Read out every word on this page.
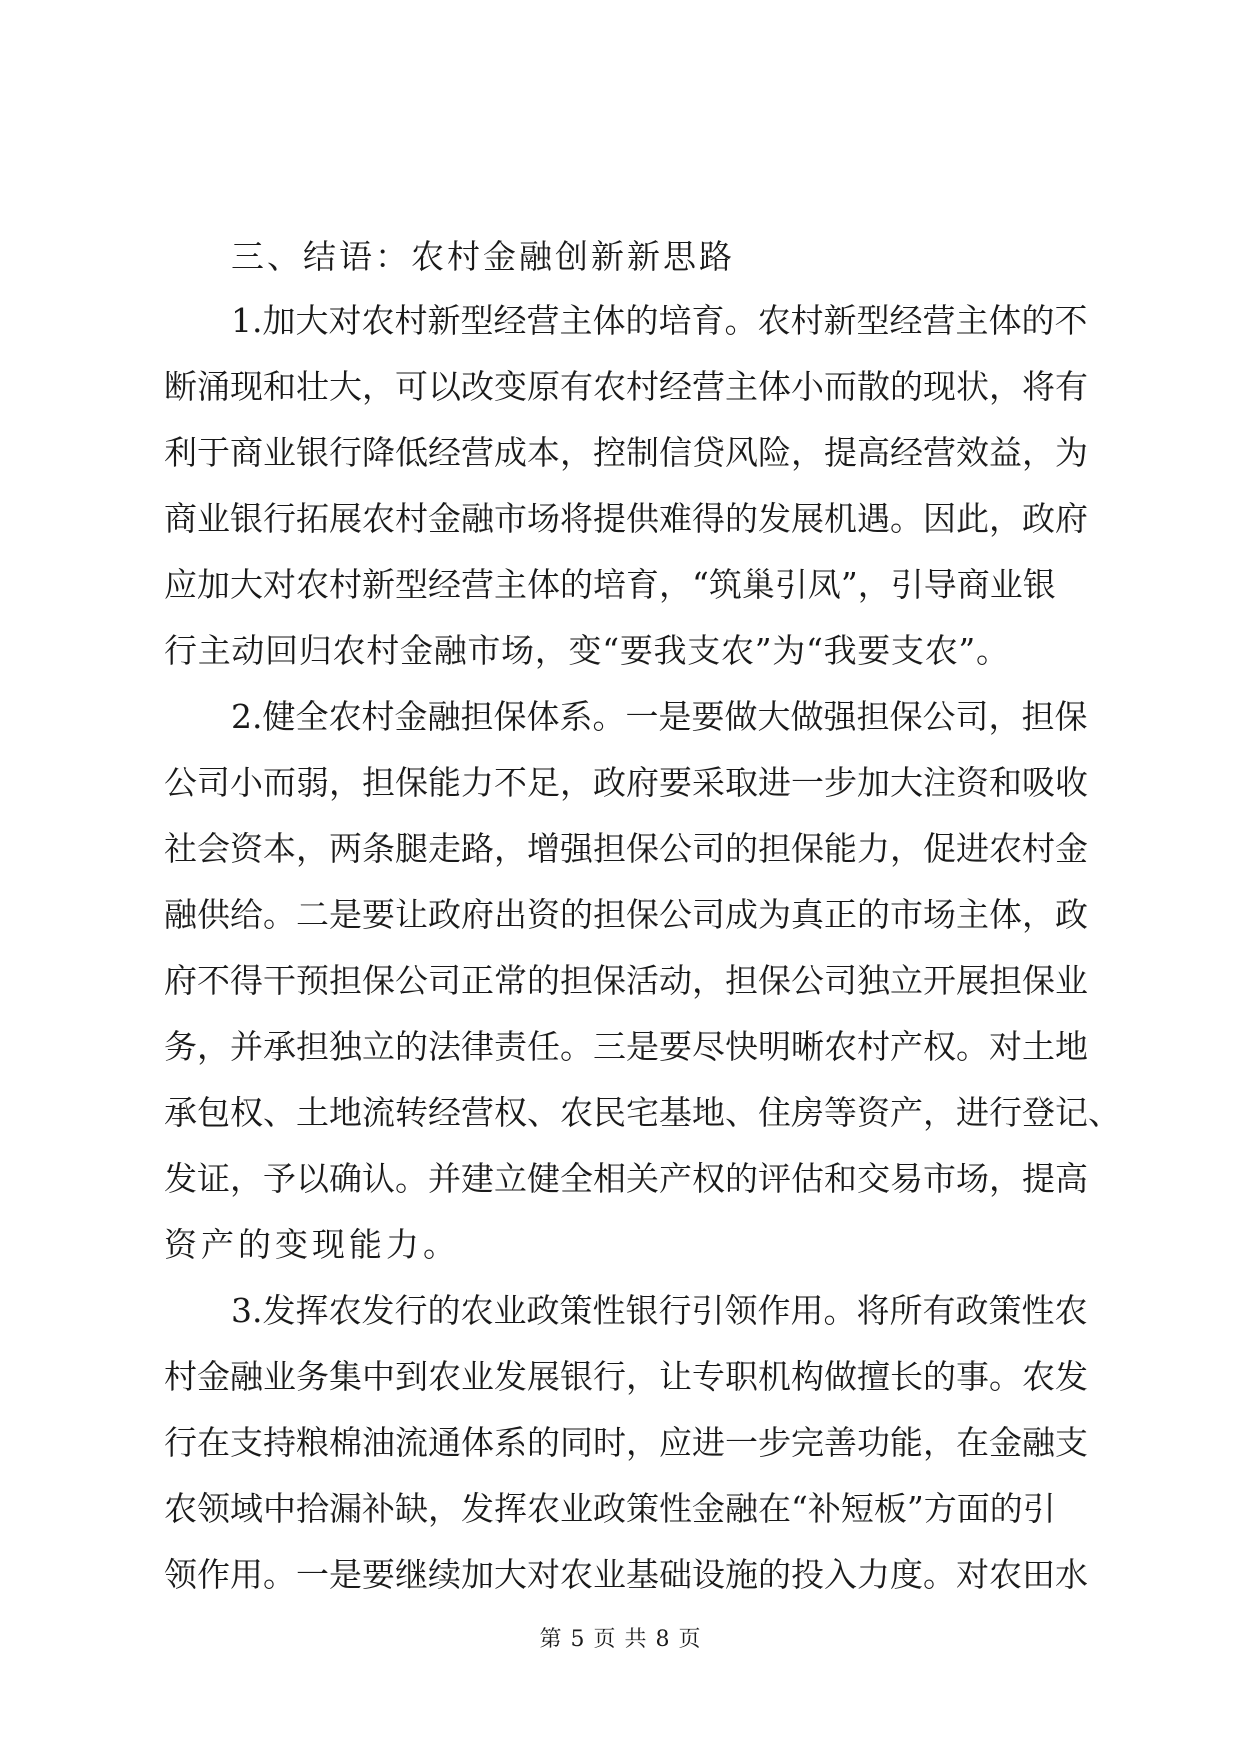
三、结语：农村金融创新新思路
1.加大对农村新型经营主体的培育。农村新型经营主体的不
断涌现和壮大，可以改变原有农村经营主体小而散的现状，将有
利于商业银行降低经营成本，控制信贷风险，提高经营效益，为
商业银行拓展农村金融市场将提供难得的发展机遇。因此，政府
应加大对农村新型经营主体的培育，“筑巢引凤”，引导商业银
行主动回归农村金融市场，变“要我支农”为“我要支农”。
2.健全农村金融担保体系。一是要做大做强担保公司，担保
公司小而弱，担保能力不足，政府要采取进一步加大注资和吸收
社会资本，两条腿走路，增强担保公司的担保能力，促进农村金
融供给。二是要让政府出资的担保公司成为真正的市场主体，政
府不得干预担保公司正常的担保活动，担保公司独立开展担保业
务，并承担独立的法律责任。三是要尽快明晰农村产权。对土地
承包权、土地流转经营权、农民宅基地、住房等资产，进行登记、
发证，予以确认。并建立健全相关产权的评估和交易市场，提高
资产的变现能力。
3.发挥农发行的农业政策性银行引领作用。将所有政策性农
村金融业务集中到农业发展银行，让专职机构做擅长的事。农发
行在支持粮棉油流通体系的同时，应进一步完善功能，在金融支
农领域中拾漏补缺，发挥农业政策性金融在“补短板”方面的引
领作用。一是要继续加大对农业基础设施的投入力度。对农田水
第 5 页 共 8 页
